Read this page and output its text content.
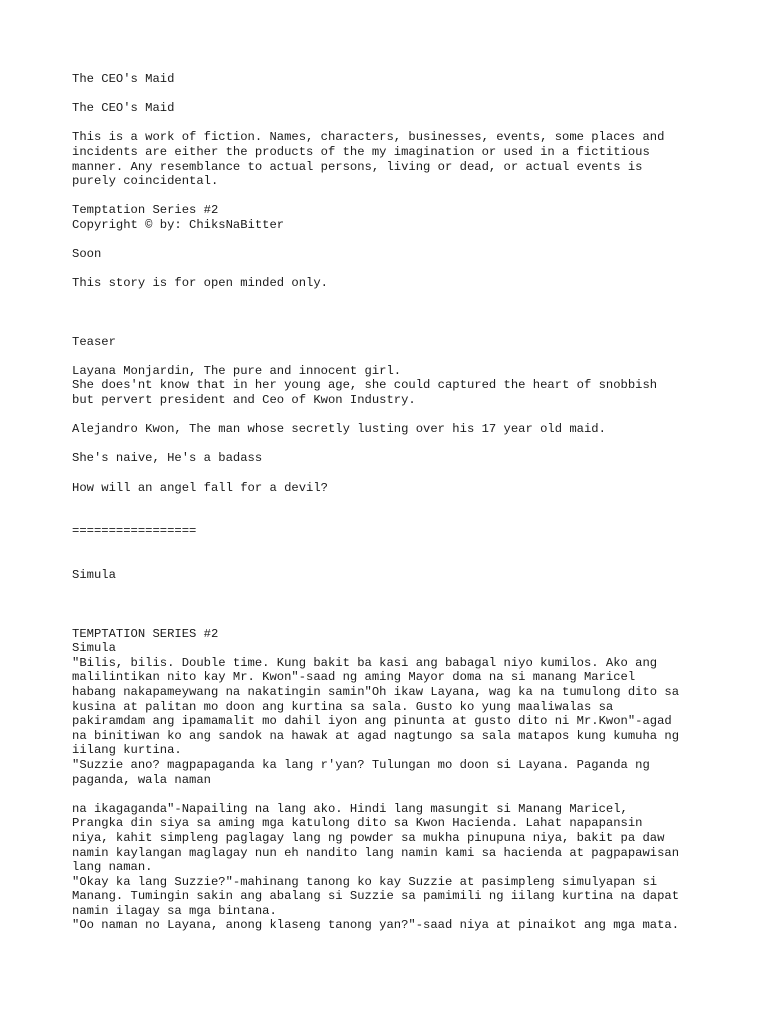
The CEO's Maid

The CEO's Maid

This is a work of fiction. Names, characters, businesses, events, some places and

incidents are either the products of the my imagination or used in a fictitious

manner. Any resemblance to actual persons, living or dead, or actual events is

purely coincidental.

Temptation Series #2

Copyright © by: ChiksNaBitter

Soon

This story is for open minded only.

Teaser

Layana Monjardin, The pure and innocent girl.

She does'nt know that in her young age, she could captured the heart of snobbish

but pervert president and Ceo of Kwon Industry.

Alejandro Kwon, The man whose secretly lusting over his 17 year old maid.

She's naive, He's a badass

How will an angel fall for a devil?

=================

Simula

TEMPTATION SERIES #2

Simula

"Bilis, bilis. Double time. Kung bakit ba kasi ang babagal niyo kumilos. Ako ang

malilintikan nito kay Mr. Kwon"-saad ng aming Mayor doma na si manang Maricel

habang nakapameywang na nakatingin samin"Oh ikaw Layana, wag ka na tumulong dito sa

kusina at palitan mo doon ang kurtina sa sala. Gusto ko yung maaliwalas sa

pakiramdam ang ipamamalit mo dahil iyon ang pinunta at gusto dito ni Mr.Kwon"-agad

na binitiwan ko ang sandok na hawak at agad nagtungo sa sala matapos kung kumuha ng

iilang kurtina.

"Suzzie ano? magpapaganda ka lang r'yan? Tulungan mo doon si Layana. Paganda ng

paganda, wala naman

na ikagaganda"-Napailing na lang ako. Hindi lang masungit si Manang Maricel,

Prangka din siya sa aming mga katulong dito sa Kwon Hacienda. Lahat napapansin

niya, kahit simpleng paglagay lang ng powder sa mukha pinupuna niya, bakit pa daw

namin kaylangan maglagay nun eh nandito lang namin kami sa hacienda at pagpapawisan

lang naman.

"Okay ka lang Suzzie?"-mahinang tanong ko kay Suzzie at pasimpleng simulyapan si

Manang. Tumingin sakin ang abalang si Suzzie sa pamimili ng iilang kurtina na dapat

namin ilagay sa mga bintana.

"Oo naman no Layana, anong klaseng tanong yan?"-saad niya at pinaikot ang mga mata.
